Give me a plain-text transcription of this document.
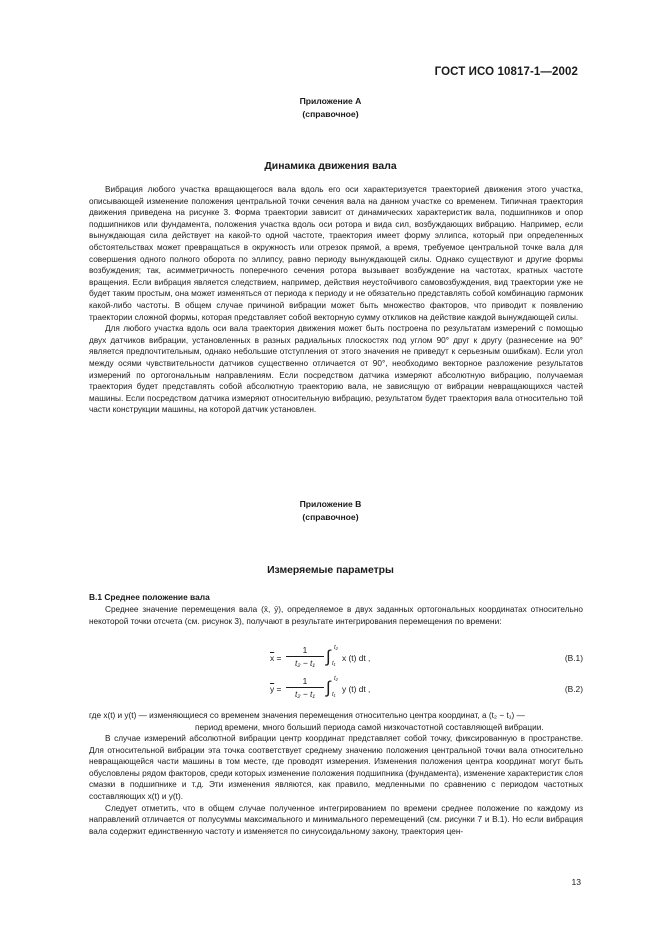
ГОСТ ИСО 10817-1—2002
Приложение А
(справочное)
Динамика движения вала

Вибрация любого участка вращающегося вала вдоль его оси характеризуется траекторией движения этого участка, описывающей изменение положения центральной точки сечения вала на данном участке со временем. Типичная траектория движения приведена на рисунке 3. Форма траектории зависит от динамических характеристик вала, подшипников и опор подшипников или фундамента, положения участка вдоль оси ротора и вида сил, возбуждающих вибрацию. Например, если вынуждающая сила действует на какой-то одной частоте, траектория имеет форму эллипса, который при определенных обстоятельствах может превращаться в окружность или отрезок прямой, а время, требуемое центральной точке вала для совершения одного полного оборота по эллипсу, равно периоду вынуждающей силы. Однако существуют и другие формы возбуждения; так, асимметричность поперечного сечения ротора вызывает возбуждение на частотах, кратных частоте вращения. Если вибрация является следствием, например, действия неустойчивого самовозбуждения, вид траектории уже не будет таким простым, она может изменяться от периода к периоду и не обязательно представлять собой комбинацию гармоник какой-либо частоты. В общем случае причиной вибрации может быть множество факторов, что приводит к появлению траектории сложной формы, которая представляет собой векторную сумму откликов на действие каждой вынуждающей силы.

Для любого участка вдоль оси вала траектория движения может быть построена по результатам измерений с помощью двух датчиков вибрации, установленных в разных радиальных плоскостях под углом 90° друг к другу (разнесение на 90° является предпочтительным, однако небольшие отступления от этого значения не приведут к серьезным ошибкам). Если угол между осями чувствительности датчиков существенно отличается от 90°, необходимо векторное разложение результатов измерений по ортогональным направлениям. Если посредством датчика измеряют абсолютную вибрацию, получаемая траектория будет представлять собой абсолютную траекторию вала, не зависящую от вибрации невращающихся частей машины. Если посредством датчика измеряют относительную вибрацию, результатом будет траектория вала относительно той части конструкции машины, на которой датчик установлен.

Приложение В
(справочное)
Измеряемые параметры
В.1 Среднее положение вала

Среднее значение перемещения вала (x̄, ȳ), определяемое в двух заданных ортогональных координатах относительно некоторой точки отсчета (см. рисунок 3), получают в результате интегрирования перемещения по времени:

$\overline{x}$ =
1
t₂ − t₁ ∫ t₂
t₁
x (t) dt ,	(В.1)
$\overline{y}$ =
1
t₂ − t₁ ∫ t₂
t₁
y (t) dt ,	(В.2)
где x(t) и y(t) — изменяющиеся со временем значения перемещения относительно центра координат, а (t₂ − t₁) —
период времени, много больший периода самой низкочастотной составляющей вибрации.

В случае измерений абсолютной вибрации центр координат представляет собой точку, фиксированную в пространстве. Для относительной вибрации эта точка соответствует среднему значению положения центральной точки вала относительно невращающейся части машины в том месте, где проводят измерения. Изменения положения центра координат могут быть обусловлены рядом факторов, среди которых изменение положения подшипника (фундамента), изменение характеристик слоя смазки в подшипнике и т.д. Эти изменения являются, как правило, медленными по сравнению с периодом частотных составляющих x(t) и y(t).

Следует отметить, что в общем случае полученное интегрированием по времени среднее положение по каждому из направлений отличается от полусуммы максимального и минимального перемещений (см. рисунки 7 и В.1). Но если вибрация вала содержит единственную частоту и изменяется по синусоидальному закону, траектория цен-

13
